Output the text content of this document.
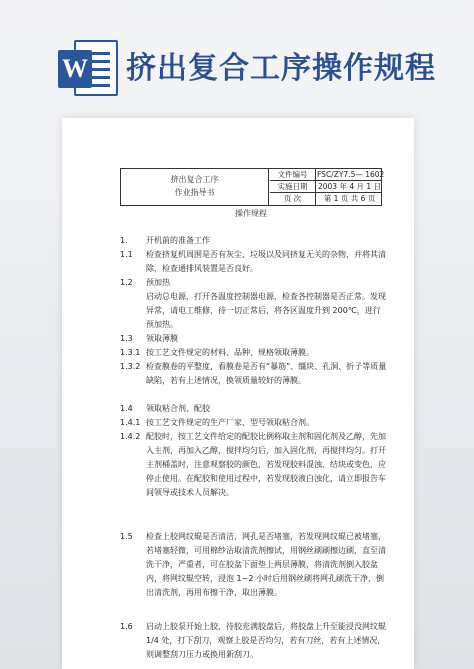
W 挤出复合工序操作规程
挤出复合工序
作业指导书
文件编号	FSC/ZY7.5— 1602
实施日期	2003 年 4 月 1 日
页 次	第 1 页 共 6 页
操作规程
1.	开机前的准备工作
1.1	检查挤复机周围是否有灰尘、垃圾以及同挤复无关的杂物，并将其清除，检查通排风装置是否良好。
1.2	预加热
启动总电源，打开各温度控制器电源，检查各控制器是否正常。发现异常，请电工维修，待一切正常后，将各区温度升到 200℃，进行预加热。
1.3	领取薄膜
1.3.1 按工艺文件规定的材料、品种、规格领取薄膜。
1.3.2 检查膜卷的平整度，看膜卷是否有“暴筋”、缰块、孔洞、折子等质量缺陷，若有上述情况，换领质量较好的薄膜。
1.4	领取粘合剂、配胶
1.4.1 按工艺文件规定的生产厂家、型号领取粘合剂。
1.4.2 配胶时，按工艺文件给定的配胶比例称取主剂和固化剂及乙醇，先加入主剂，再加入乙醇，搅拌均匀后，加入固化剂，再搅拌均匀。打开主剂桶盖时，注意观察胶的颜色，若发现胶料混浊、结块或变色，应停止使用。在配胶和使用过程中，若发现胶液白浊化，请立即报告车间领导或技术人员解决。
1.5	检查上胶网纹辊是否清洁，网孔是否堵塞，若发现网纹辊已被堵塞，若堵塞轻微，可用棉纱沾取清洗剂擦试，用钢丝刷刷擦边刷，直至清洗干净，严重者，可在胶盆下面垫上两层薄膜，将清洗剂倒入胶盆内，将网纹辊空转，浸泡 1~2 小时后用钢丝刷将网孔刷洗干净，倒出清洗剂，再用布擦干净，取出薄膜。
1.6	启动上胶泵开始上胶，待胶充满胶盘后，将胶盘上升至能浸没网纹辊 1/4 处，打下刮刀，观察上胶是否均匀，若有刀丝，若有上述情况，则调整刮刀压力或换用新刮刀。
